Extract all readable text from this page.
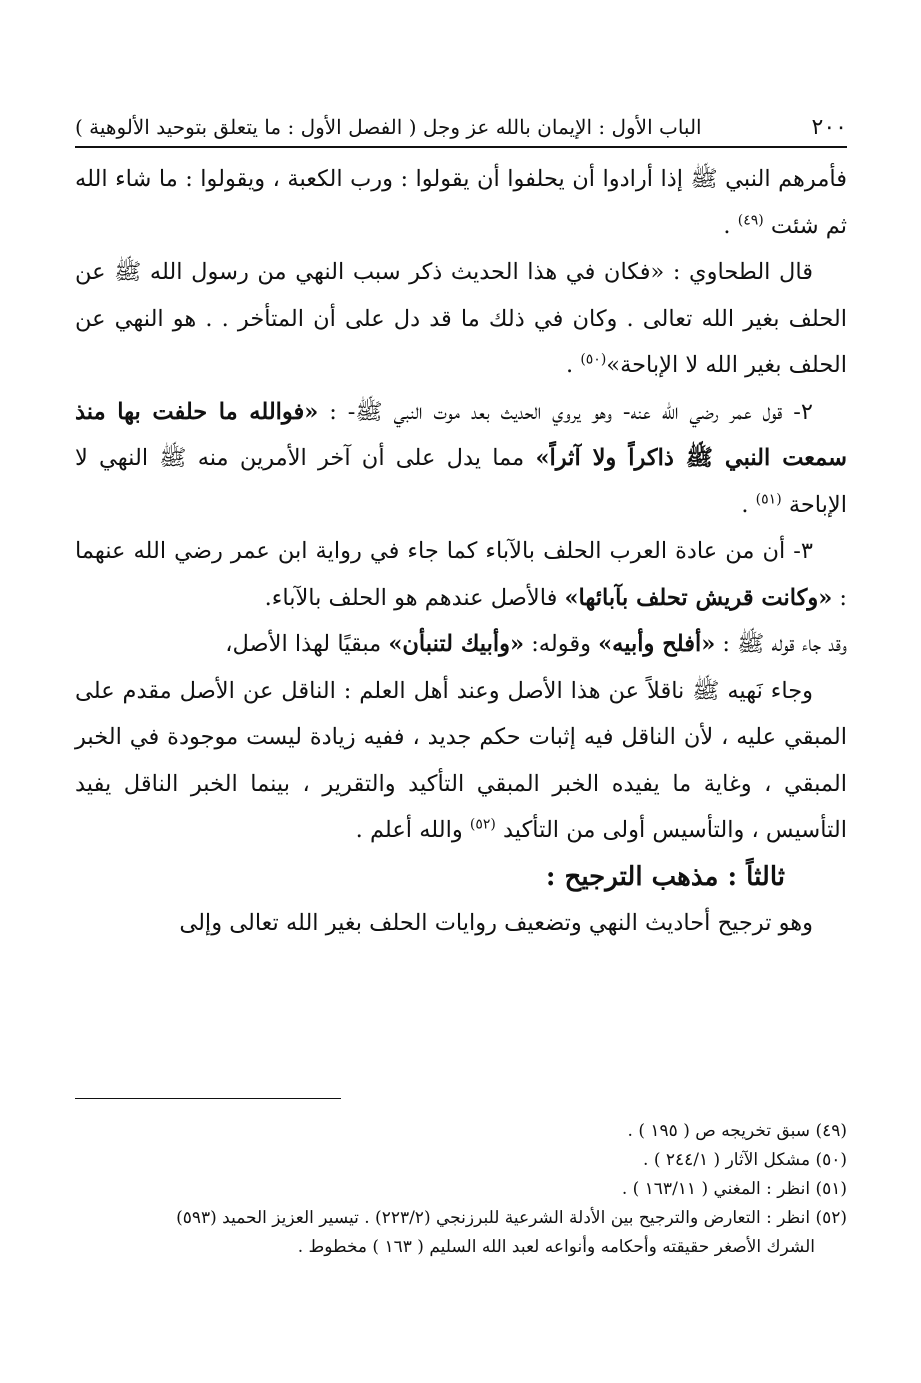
٢٠٠
الباب الأول : الإيمان بالله عز وجل ( الفصل الأول : ما يتعلق بتوحيد الألوهية )

فأمرهم النبي ﷺ إذا أرادوا أن يحلفوا أن يقولوا : ورب الكعبة ، ويقولوا : ما شاء الله ثم شئت $^{(٤٩)}$ .

قال الطحاوي : «فكان في هذا الحديث ذكر سبب النهي من رسول الله ﷺ عن الحلف بغير الله تعالى . وكان في ذلك ما قد دل على أن المتأخر . . هو النهي عن الحلف بغير الله لا الإباحة»$^{(٥٠)}$ .

٢- قول عمر رضي الله عنه- وهو يروي الحديث بعد موت النبي ﷺ- : «فوالله ما حلفت بها منذ سمعت النبي ﷺ ذاكراً ولا آثراً» مما يدل على أن آخر الأمرين منه ﷺ النهي لا الإباحة $^{(٥١)}$ .

٣- أن من عادة العرب الحلف بالآباء كما جاء في رواية ابن عمر رضي الله عنهما : «وكانت قريش تحلف بآبائها» فالأصل عندهم هو الحلف بالآباء.

وقد جاء قوله ﷺ : «أفلح وأبيه» وقوله: «وأبيك لتنبأن» مبقيًا لهذا الأصل،

وجاء نَهيه ﷺ ناقلاً عن هذا الأصل وعند أهل العلم : الناقل عن الأصل مقدم على المبقي عليه ، لأن الناقل فيه إثبات حكم جديد ، ففيه زيادة ليست موجودة في الخبر المبقي ، وغاية ما يفيده الخبر المبقي التأكيد والتقرير ، بينما الخبر الناقل يفيد التأسيس ، والتأسيس أولى من التأكيد $^{(٥٢)}$ والله أعلم .

ثالثاً : مذهب الترجيح :

وهو ترجيح أحاديث النهي وتضعيف روايات الحلف بغير الله تعالى وإلى

(٤٩) سبق تخريجه ص ( ١٩٥ ) .

(٥٠) مشكل الآثار ( ٢٤٤/١ ) .

(٥١) انظر : المغني ( ١٦٣/١١ ) .

(٥٢) انظر : التعارض والترجيح بين الأدلة الشرعية للبرزنجي (٢٢٣/٢) . تيسير العزيز الحميد (٥٩٣)

الشرك الأصغر حقيقته وأحكامه وأنواعه لعبد الله السليم ( ١٦٣ ) مخطوط .
